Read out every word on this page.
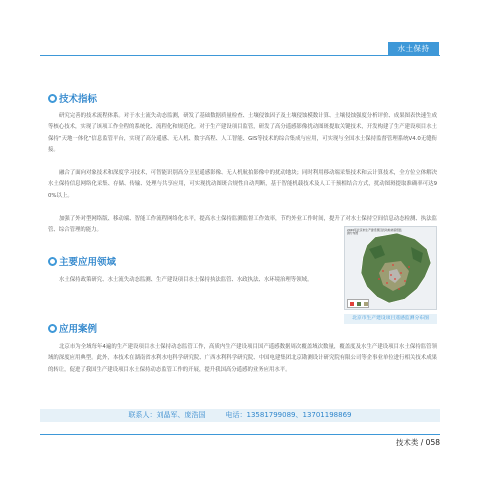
水土保持
技术指标

研究完善的技术流程体系。对于水土流失动态监测，研发了基础数据质量检查、土壤侵蚀因子及土壤侵蚀模数计算、土壤侵蚀强度分析评价、成果图表快速生成等核心技术，实现了该项工作全程的系统化、流程化和规范化。对于生产建设项目监管，研发了高分遥感影像扰动图斑提取关键技术，开发构建了生产建设项目水土保持“天地一体化”信息监管平台，实现了高分遥感、无人机、数字高程、人工智能、GIS等技术的综合集成与应用，可实现与全国水土保持监督管理系统V4.0无缝衔接。

融合了面向对象技术和深度学习技术，可智能识别高分卫星遥感影像、无人机航拍影像中的扰动地块；同时利用移动端采集技术和云计算技术，全方位立体解决水土保持信息网络化采集、存储、传输、处理与共享应用，可实现扰动图斑合规性自动判断，基于智能机载技术及人工干预相结合方式，扰动图斑提取准确率可达90%以上。

加强了外对型网络版、移动端、智能工作流程网络化水平，提高水土保持监测监督工作效率，节约外业工作时间，提升了对水土保持空间信息动态检测、执法监管、综合管理的能力。

主要应用领域

水土保持政策研究、水土流失动态监测、生产建设项目水土保持执法监管、水政执法、水环境治理等领域。

2020年北京市生产建设项目扰动地块遥感监测分布图
北京市生产建设项目遥感监测分布图
应用案例

北京市为全域每年4遍的生产建设项目水土保持动态监管工作，高质内生产建设项目国产遥感数据周次覆盖域次数量，覆盖度及水生产建设项目水土保持监管领域的深度应用典型。此外，本技术在湖南省水利水电科学研究院、广西水利科学研究院、中国电建集团北京勘测设计研究院有限公司等企事业单位进行相关技术成果的转让，促进了我国生产建设项目水土保持动态监管工作的开展，提升我国高分遥感的业务应用水平。

联系人：刘晶军、庞浩国	电话：13581799089、13701198869
技术类 / 058
